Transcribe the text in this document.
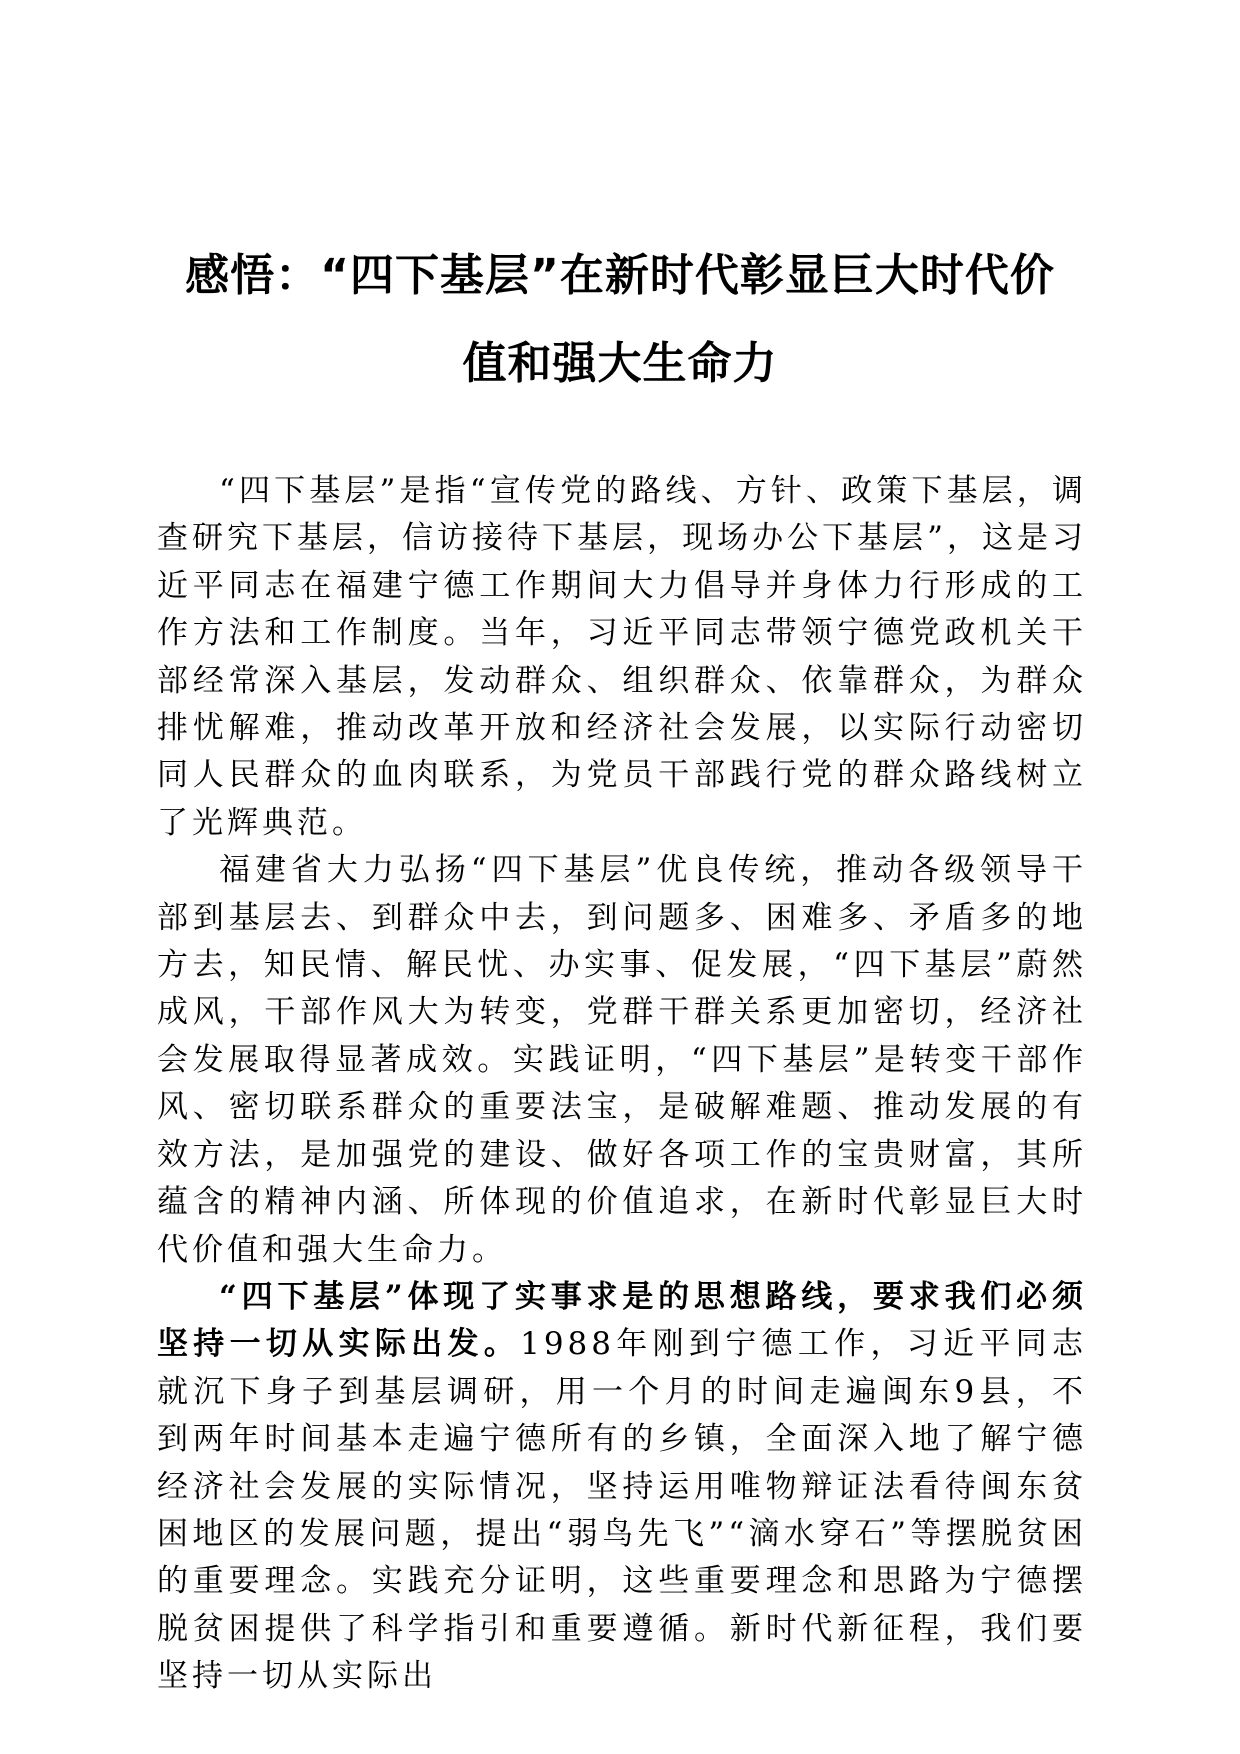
感悟：“四下基层”在新时代彰显巨大时代价
值和强大生命力

“四下基层”是指“宣传党的路线、方针、政策下基层，调查研究下基层，信访接待下基层，现场办公下基层”，这是习近平同志在福建宁德工作期间大力倡导并身体力行形成的工作方法和工作制度。当年，习近平同志带领宁德党政机关干部经常深入基层，发动群众、组织群众、依靠群众，为群众排忧解难，推动改革开放和经济社会发展，以实际行动密切同人民群众的血肉联系，为党员干部践行党的群众路线树立了光辉典范。

福建省大力弘扬“四下基层”优良传统，推动各级领导干部到基层去、到群众中去，到问题多、困难多、矛盾多的地方去，知民情、解民忧、办实事、促发展，“四下基层”蔚然成风，干部作风大为转变，党群干群关系更加密切，经济社会发展取得显著成效。实践证明，“四下基层”是转变干部作风、密切联系群众的重要法宝，是破解难题、推动发展的有效方法，是加强党的建设、做好各项工作的宝贵财富，其所蕴含的精神内涵、所体现的价值追求，在新时代彰显巨大时代价值和强大生命力。

“四下基层”体现了实事求是的思想路线，要求我们必须坚持一切从实际出发。1988年刚到宁德工作，习近平同志就沉下身子到基层调研，用一个月的时间走遍闽东9县，不到两年时间基本走遍宁德所有的乡镇，全面深入地了解宁德经济社会发展的实际情况，坚持运用唯物辩证法看待闽东贫困地区的发展问题，提出“弱鸟先飞”“滴水穿石”等摆脱贫困的重要理念。实践充分证明，这些重要理念和思路为宁德摆脱贫困提供了科学指引和重要遵循。新时代新征程，我们要坚持一切从实际出
